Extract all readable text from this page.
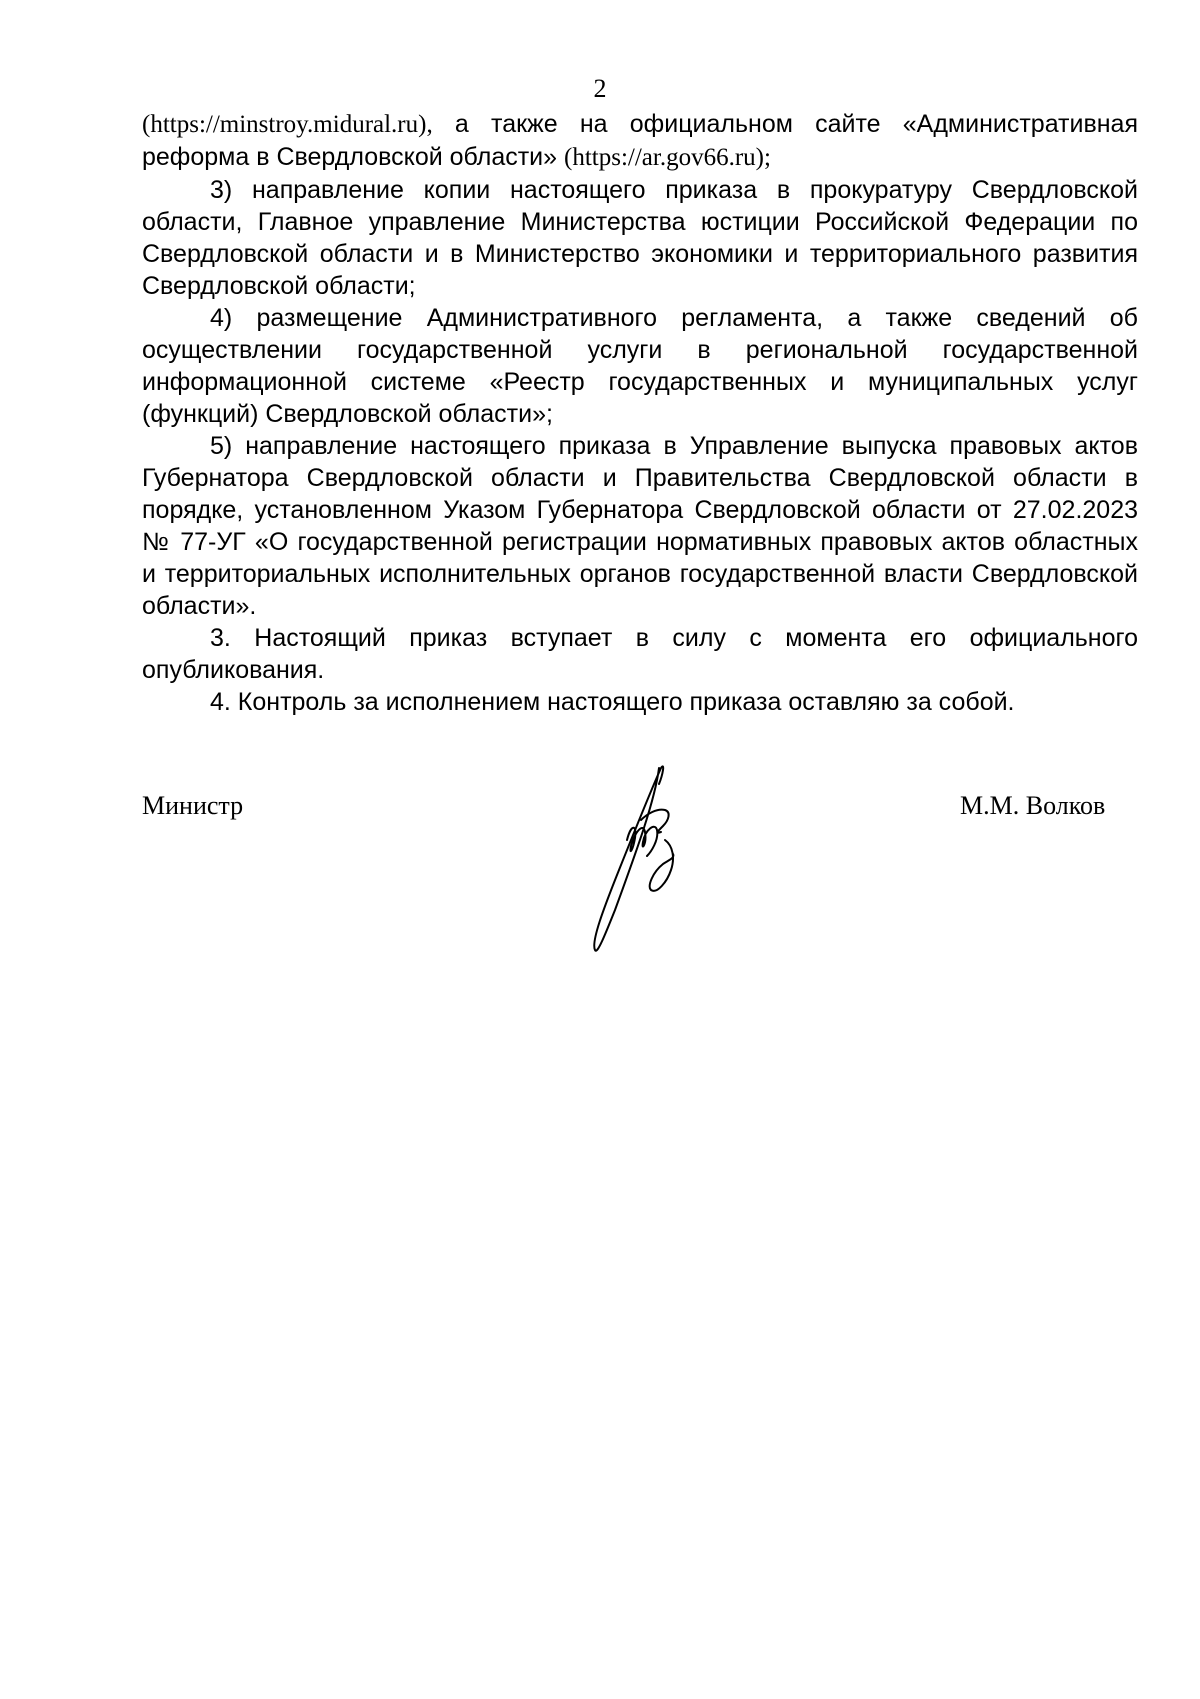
2

(https://minstroy.midural.ru), а также на официальном сайте «Административная реформа в Свердловской области» (https://ar.gov66.ru);

3) направление копии настоящего приказа в прокуратуру Свердловской области, Главное управление Министерства юстиции Российской Федерации по Свердловской области и в Министерство экономики и территориального развития Свердловской области;

4) размещение Административного регламента, а также сведений об осуществлении государственной услуги в региональной государственной информационной системе «Реестр государственных и муниципальных услуг (функций) Свердловской области»;

5) направление настоящего приказа в Управление выпуска правовых актов Губернатора Свердловской области и Правительства Свердловской области в порядке, установленном Указом Губернатора Свердловской области от 27.02.2023 № 77-УГ «О государственной регистрации нормативных правовых актов областных и территориальных исполнительных органов государственной власти Свердловской области».

3. Настоящий приказ вступает в силу с момента его официального опубликования.

4. Контроль за исполнением настоящего приказа оставляю за собой.

Министр	М.М. Волков
